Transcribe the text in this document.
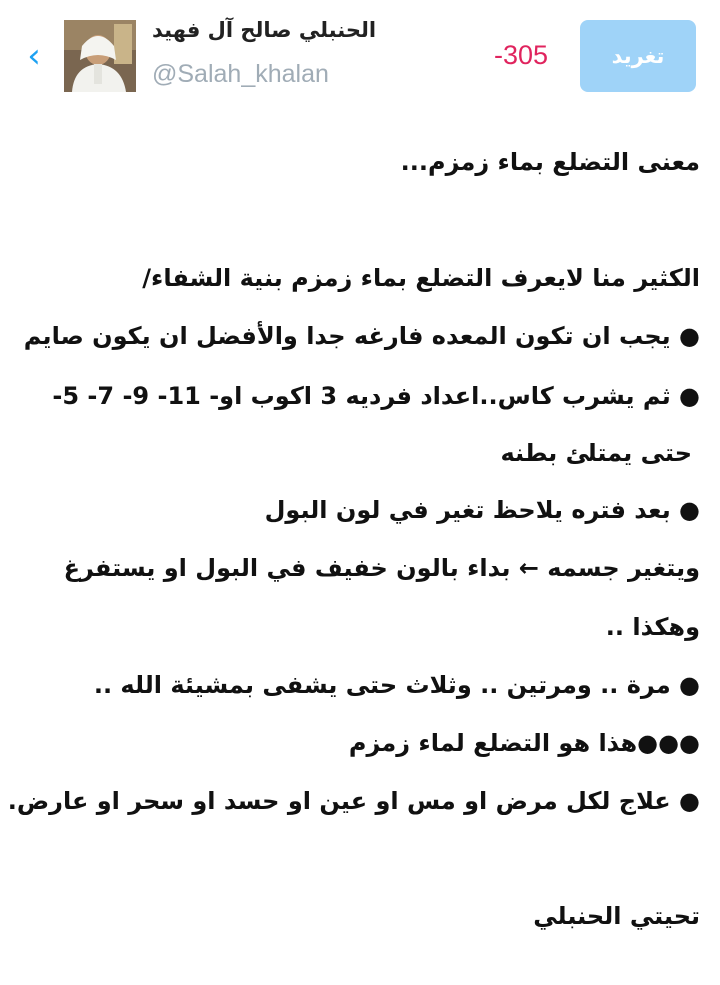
‹
الحنبلي صالح آل فهيد
@Salah_khalan
-305	تغريد
معنى التضلع بماء زمزم...
الكثير منا لايعرف التضلع بماء زمزم بنية الشفاء/
● يجب ان تكون المعده فارغه جدا والأفضل ان يكون صايم
● ثم يشرب كاس..اعداد فرديه 3 اكوب او- 11- 9- 7- 5-
حتى يمتلئ بطنه
● بعد فتره يلاحظ تغير في لون البول
ويتغير جسمه ← بداء بالون خفيف في البول او يستفرغ
وهكذا ..
● مرة .. ومرتين .. وثلاث حتى يشفى بمشيئة الله ..
●●●هذا هو التضلع لماء زمزم
● علاج لكل مرض او مس او عين او حسد او سحر او عارض.
تحيتي الحنبلي
